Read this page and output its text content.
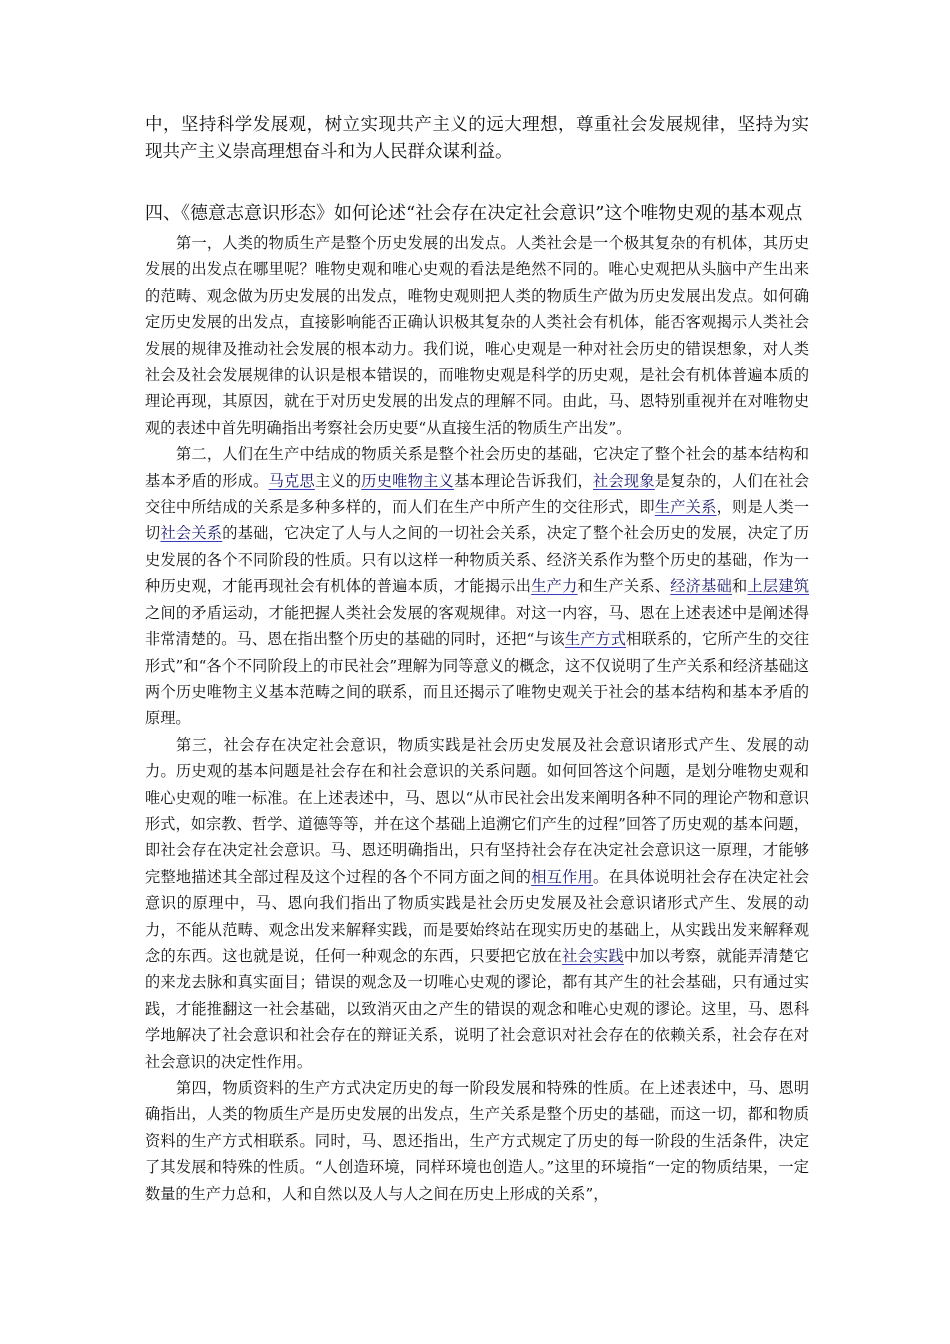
中，坚持科学发展观，树立实现共产主义的远大理想，尊重社会发展规律，坚持为实现共产主义崇高理想奋斗和为人民群众谋利益。

四、《德意志意识形态》如何论述“社会存在决定社会意识”这个唯物史观的基本观点

第一，人类的物质生产是整个历史发展的出发点。人类社会是一个极其复杂的有机体，其历史发展的出发点在哪里呢？唯物史观和唯心史观的看法是绝然不同的。唯心史观把从头脑中产生出来的范畴、观念做为历史发展的出发点，唯物史观则把人类的物质生产做为历史发展出发点。如何确定历史发展的出发点，直接影响能否正确认识极其复杂的人类社会有机体，能否客观揭示人类社会发展的规律及推动社会发展的根本动力。我们说，唯心史观是一种对社会历史的错误想象，对人类社会及社会发展规律的认识是根本错误的，而唯物史观是科学的历史观，是社会有机体普遍本质的理论再现，其原因，就在于对历史发展的出发点的理解不同。由此，马、恩特别重视并在对唯物史观的表述中首先明确指出考察社会历史要“从直接生活的物质生产出发”。

第二，人们在生产中结成的物质关系是整个社会历史的基础，它决定了整个社会的基本结构和基本矛盾的形成。马克思主义的历史唯物主义基本理论告诉我们，社会现象是复杂的，人们在社会交往中所结成的关系是多种多样的，而人们在生产中所产生的交往形式，即生产关系，则是人类一切社会关系的基础，它决定了人与人之间的一切社会关系，决定了整个社会历史的发展，决定了历史发展的各个不同阶段的性质。只有以这样一种物质关系、经济关系作为整个历史的基础，作为一种历史观，才能再现社会有机体的普遍本质，才能揭示出生产力和生产关系、经济基础和上层建筑之间的矛盾运动，才能把握人类社会发展的客观规律。对这一内容，马、恩在上述表述中是阐述得非常清楚的。马、恩在指出整个历史的基础的同时，还把“与该生产方式相联系的，它所产生的交往形式”和“各个不同阶段上的市民社会”理解为同等意义的概念，这不仅说明了生产关系和经济基础这两个历史唯物主义基本范畴之间的联系，而且还揭示了唯物史观关于社会的基本结构和基本矛盾的原理。

第三，社会存在决定社会意识，物质实践是社会历史发展及社会意识诸形式产生、发展的动力。历史观的基本问题是社会存在和社会意识的关系问题。如何回答这个问题，是划分唯物史观和唯心史观的唯一标准。在上述表述中，马、恩以“从市民社会出发来阐明各种不同的理论产物和意识形式，如宗教、哲学、道德等等，并在这个基础上追溯它们产生的过程”回答了历史观的基本问题，即社会存在决定社会意识。马、恩还明确指出，只有坚持社会存在决定社会意识这一原理，才能够完整地描述其全部过程及这个过程的各个不同方面之间的相互作用。在具体说明社会存在决定社会意识的原理中，马、恩向我们指出了物质实践是社会历史发展及社会意识诸形式产生、发展的动力，不能从范畴、观念出发来解释实践，而是要始终站在现实历史的基础上，从实践出发来解释观念的东西。这也就是说，任何一种观念的东西，只要把它放在社会实践中加以考察，就能弄清楚它的来龙去脉和真实面目；错误的观念及一切唯心史观的谬论，都有其产生的社会基础，只有通过实践，才能推翻这一社会基础，以致消灭由之产生的错误的观念和唯心史观的谬论。这里，马、恩科学地解决了社会意识和社会存在的辩证关系，说明了社会意识对社会存在的依赖关系，社会存在对社会意识的决定性作用。

第四，物质资料的生产方式决定历史的每一阶段发展和特殊的性质。在上述表述中，马、恩明确指出，人类的物质生产是历史发展的出发点，生产关系是整个历史的基础，而这一切，都和物质资料的生产方式相联系。同时，马、恩还指出，生产方式规定了历史的每一阶段的生活条件，决定了其发展和特殊的性质。“人创造环境，同样环境也创造人。”这里的环境指“一定的物质结果，一定数量的生产力总和，人和自然以及人与人之间在历史上形成的关系”，
